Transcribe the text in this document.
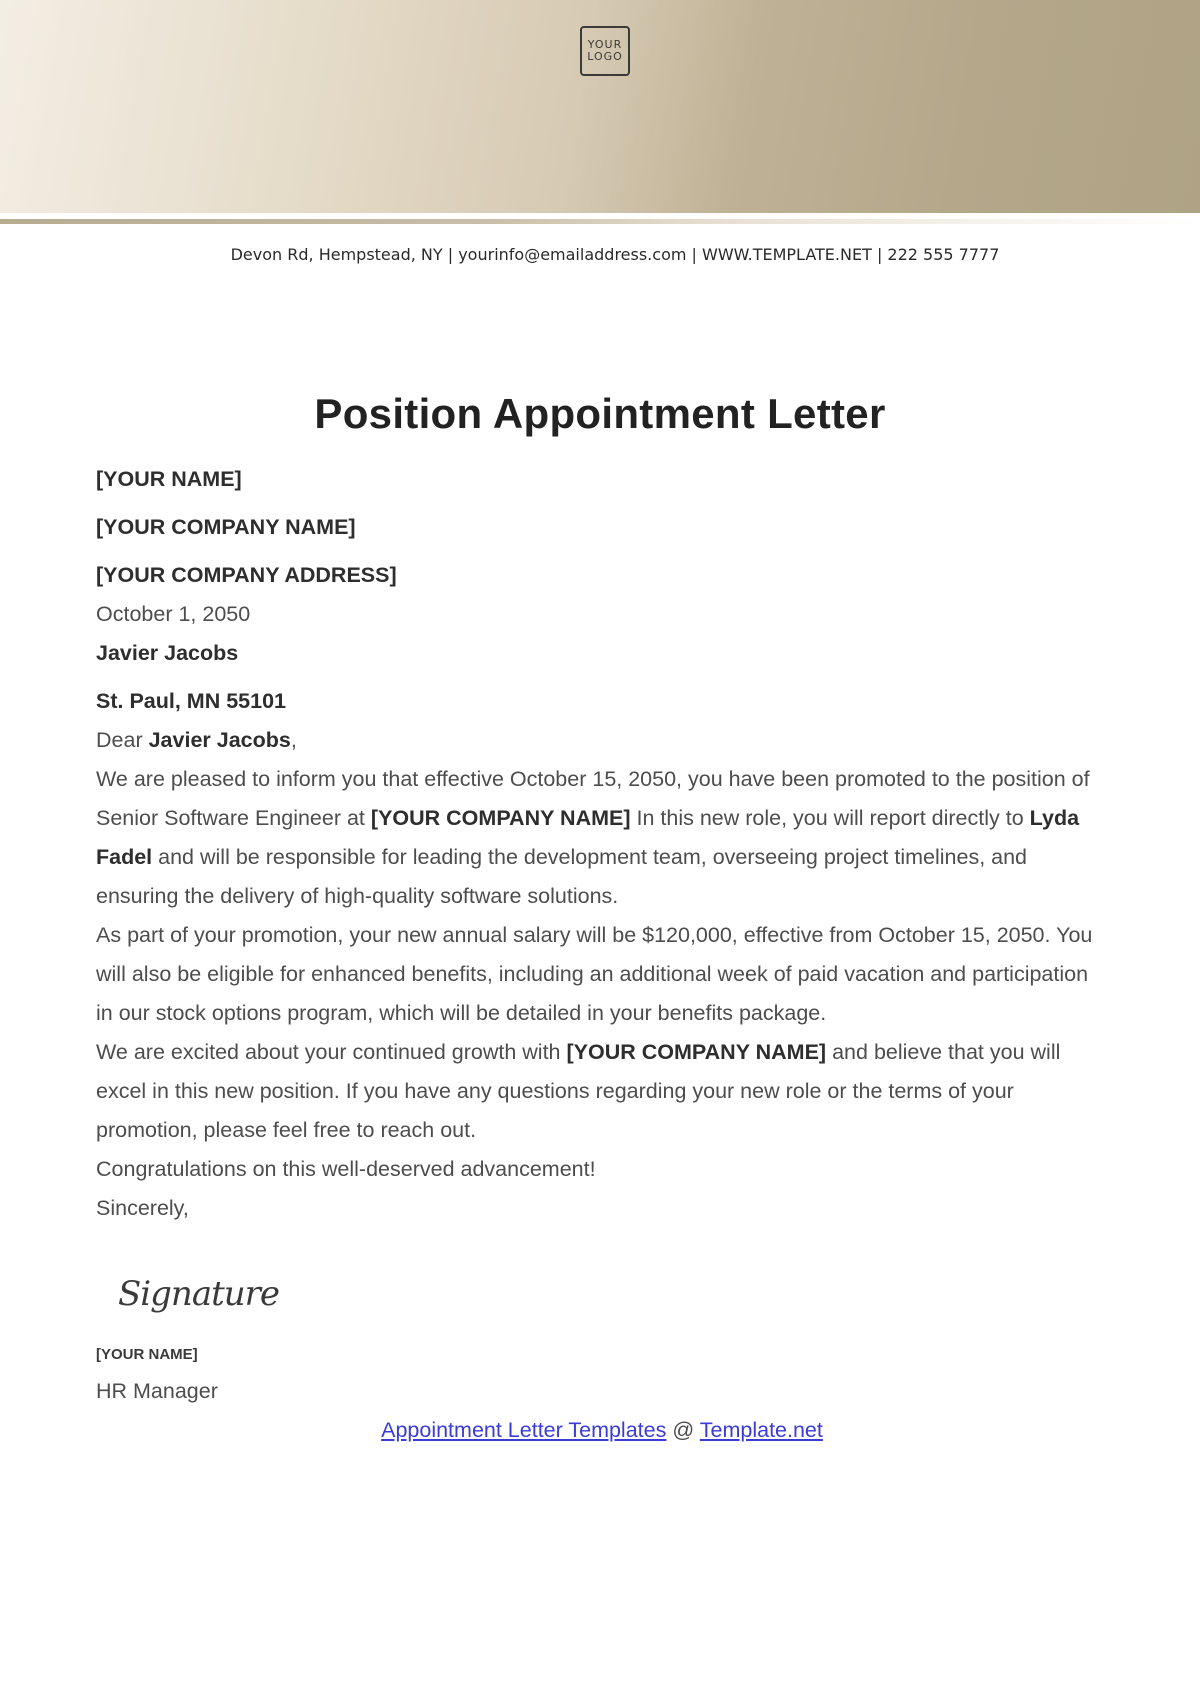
YOUR
LOGO
Devon Rd, Hempstead, NY | yourinfo@emailaddress.com | WWW.TEMPLATE.NET | 222 555 7777
Position Appointment Letter

[YOUR NAME]

[YOUR COMPANY NAME]

[YOUR COMPANY ADDRESS]

October 1, 2050

Javier Jacobs

St. Paul, MN 55101

Dear Javier Jacobs,

We are pleased to inform you that effective October 15, 2050, you have been promoted to the position of Senior Software Engineer at [YOUR COMPANY NAME] In this new role, you will report directly to Lyda Fadel and will be responsible for leading the development team, overseeing project timelines, and ensuring the delivery of high-quality software solutions.

As part of your promotion, your new annual salary will be $120,000, effective from October 15, 2050. You will also be eligible for enhanced benefits, including an additional week of paid vacation and participation in our stock options program, which will be detailed in your benefits package.

We are excited about your continued growth with [YOUR COMPANY NAME] and believe that you will excel in this new position. If you have any questions regarding your new role or the terms of your promotion, please feel free to reach out.

Congratulations on this well-deserved advancement!

Sincerely,

Signature

[YOUR NAME]

HR Manager

Appointment Letter Templates @ Template.net
